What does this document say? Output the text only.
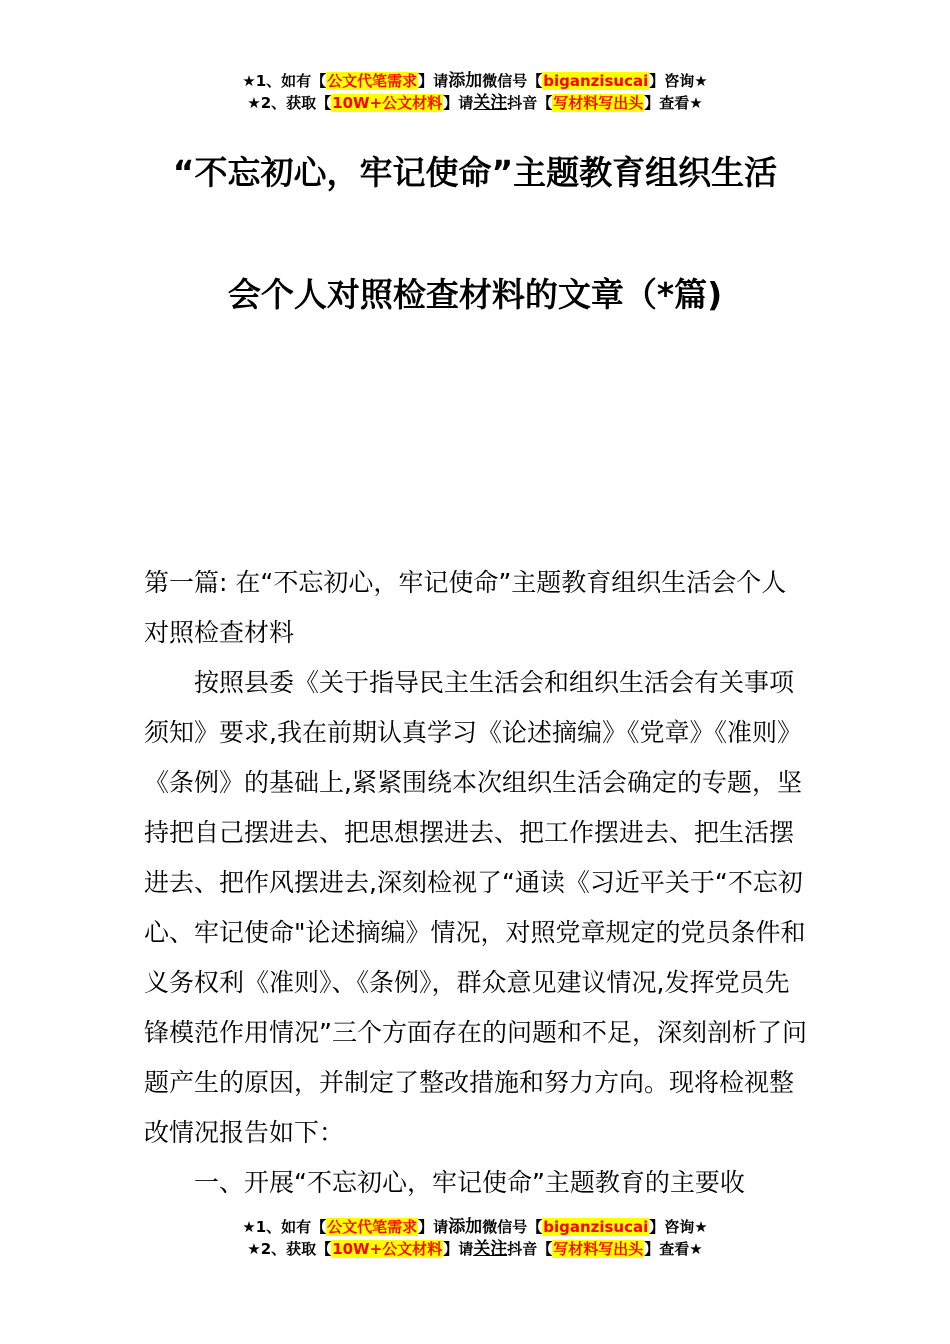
★1、如有【公文代笔需求】请添加微信号【biganzisucai】咨询★
★2、获取【10W+公文材料】请关注抖音【写材料写出头】查看★
“不忘初心，牢记使命”主题教育组织生活
会个人对照检查材料的文章（*篇)

第一篇: 在“不忘初心，牢记使命”主题教育组织生活会个人对照检查材料

按照县委《关于指导民主生活会和组织生活会有关事项须知》要求,我在前期认真学习《论述摘编》《党章》《准则》《条例》的基础上,紧紧围绕本次组织生活会确定的专题，坚持把自己摆进去、把思想摆进去、把工作摆进去、把生活摆进去、把作风摆进去,深刻检视了“通读《习近平关于“不忘初心、牢记使命"论述摘编》情况，对照党章规定的党员条件和义务权利《准则》、《条例》，群众意见建议情况,发挥党员先锋模范作用情况”三个方面存在的问题和不足，深刻剖析了问题产生的原因，并制定了整改措施和努力方向。现将检视整改情况报告如下：

一、开展“不忘初心，牢记使命”主题教育的主要收

★1、如有【公文代笔需求】请添加微信号【biganzisucai】咨询★
★2、获取【10W+公文材料】请关注抖音【写材料写出头】查看★
